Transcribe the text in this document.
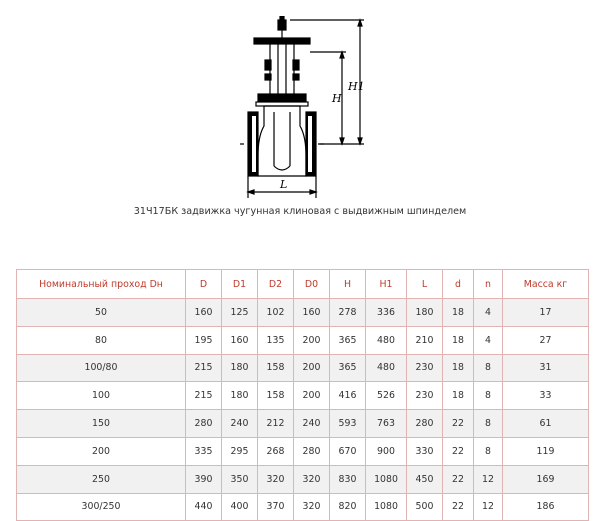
H
H1
L
31Ч17БК задвижка чугунная клиновая с выдвижным шпинделем
Номинальный проход Dн	D	D1	D2	D0	H	H1	L	d	n	Масса кг
50	160	125	102	160	278	336	180	18	4	17
80	195	160	135	200	365	480	210	18	4	27
100/80	215	180	158	200	365	480	230	18	8	31
100	215	180	158	200	416	526	230	18	8	33
150	280	240	212	240	593	763	280	22	8	61
200	335	295	268	280	670	900	330	22	8	119
250	390	350	320	320	830	1080	450	22	12	169
300/250	440	400	370	320	820	1080	500	22	12	186
